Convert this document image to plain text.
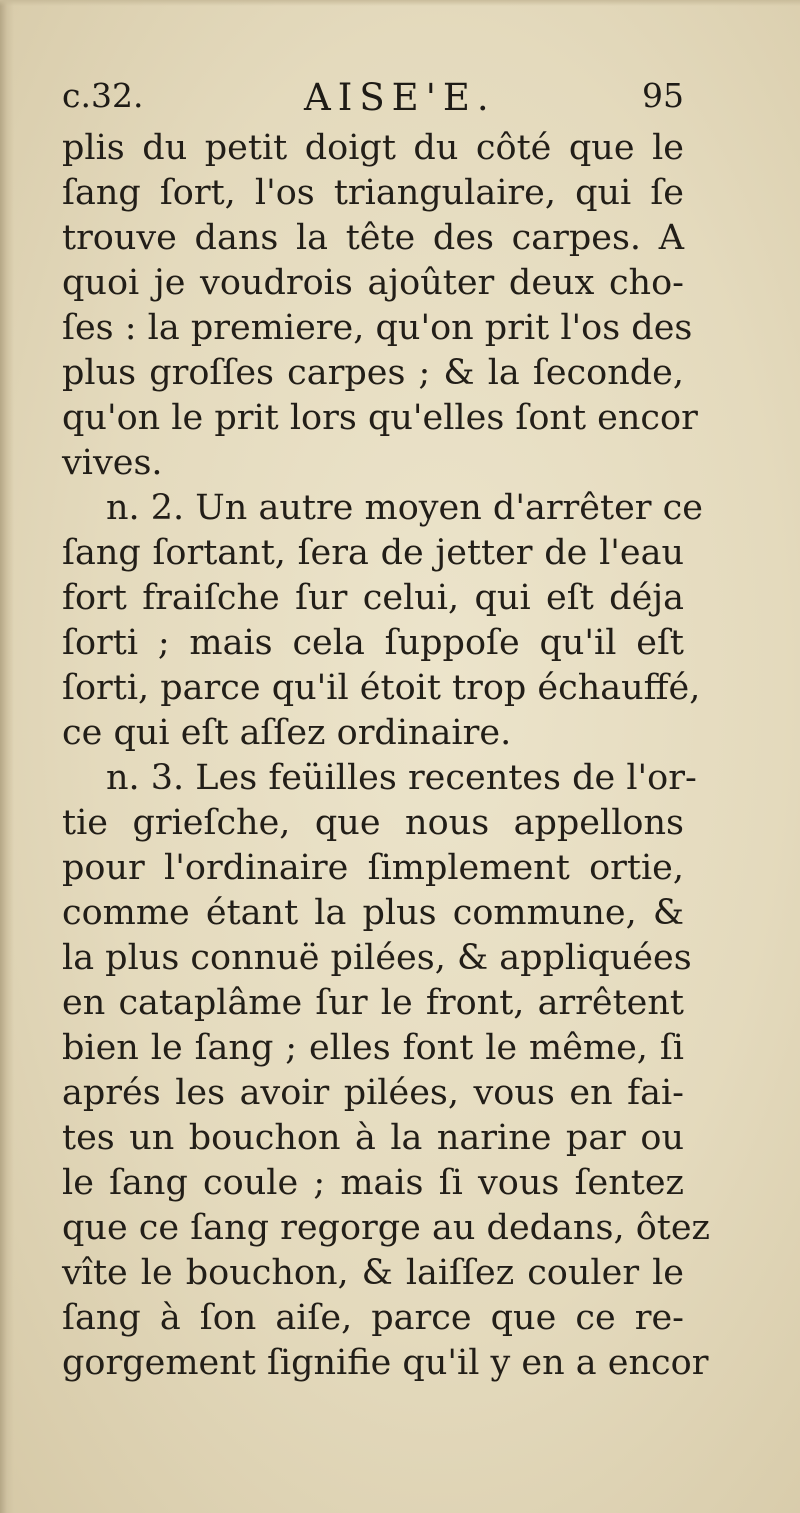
c.32.	AISE'E.	95
plis du petit doigt du côté que le
ſang ſort, l'os triangulaire, qui ſe
trouve dans la tête des carpes. A
quoi je voudrois ajoûter deux cho-
ſes : la premiere, qu'on prit l'os des
plus groſſes carpes ; & la ſeconde,
qu'on le prit lors qu'elles ſont encor
vives.
n. 2. Un autre moyen d'arrêter ce
ſang ſortant, ſera de jetter de l'eau
fort fraiſche ſur celui, qui eſt déja
ſorti ; mais cela ſuppoſe qu'il eſt
ſorti, parce qu'il étoit trop échauffé,
ce qui eſt aſſez ordinaire.
n. 3. Les feüilles recentes de l'or-
tie grieſche, que nous appellons
pour l'ordinaire ſimplement ortie,
comme étant la plus commune, &
la plus connuë pilées, & appliquées
en cataplâme ſur le front, arrêtent
bien le ſang ; elles font le même, ſi
aprés les avoir pilées, vous en fai-
tes un bouchon à la narine par ou
le ſang coule ; mais ſi vous ſentez
que ce ſang regorge au dedans, ôtez
vîte le bouchon, & laiſſez couler le
ſang à ſon aiſe, parce que ce re-
gorgement ſignifie qu'il y en a encor
